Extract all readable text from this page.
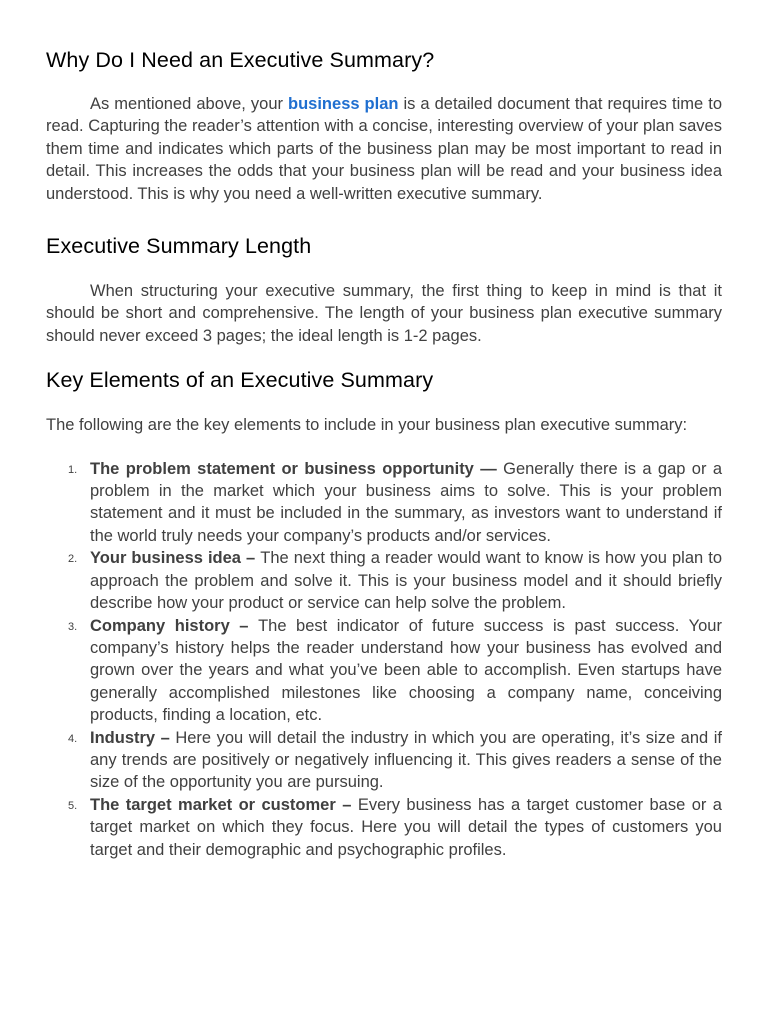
Why Do I Need an Executive Summary?

As mentioned above, your business plan is a detailed document that requires time to read. Capturing the reader’s attention with a concise, interesting overview of your plan saves them time and indicates which parts of the business plan may be most important to read in detail. This increases the odds that your business plan will be read and your business idea understood. This is why you need a well-written executive summary.

Executive Summary Length

When structuring your executive summary, the first thing to keep in mind is that it should be short and comprehensive. The length of your business plan executive summary should never exceed 3 pages; the ideal length is 1-2 pages.

Key Elements of an Executive Summary

The following are the key elements to include in your business plan executive summary:

1. The problem statement or business opportunity — Generally there is a gap or a problem in the market which your business aims to solve. This is your problem statement and it must be included in the summary, as investors want to understand if the world truly needs your company’s products and/or services.
2. Your business idea – The next thing a reader would want to know is how you plan to approach the problem and solve it. This is your business model and it should briefly describe how your product or service can help solve the problem.
3. Company history – The best indicator of future success is past success. Your company’s history helps the reader understand how your business has evolved and grown over the years and what you’ve been able to accomplish. Even startups have generally accomplished milestones like choosing a company name, conceiving products, finding a location, etc.
4. Industry – Here you will detail the industry in which you are operating, it’s size and if any trends are positively or negatively influencing it. This gives readers a sense of the size of the opportunity you are pursuing.
5. The target market or customer – Every business has a target customer base or a target market on which they focus. Here you will detail the types of customers you target and their demographic and psychographic profiles.
